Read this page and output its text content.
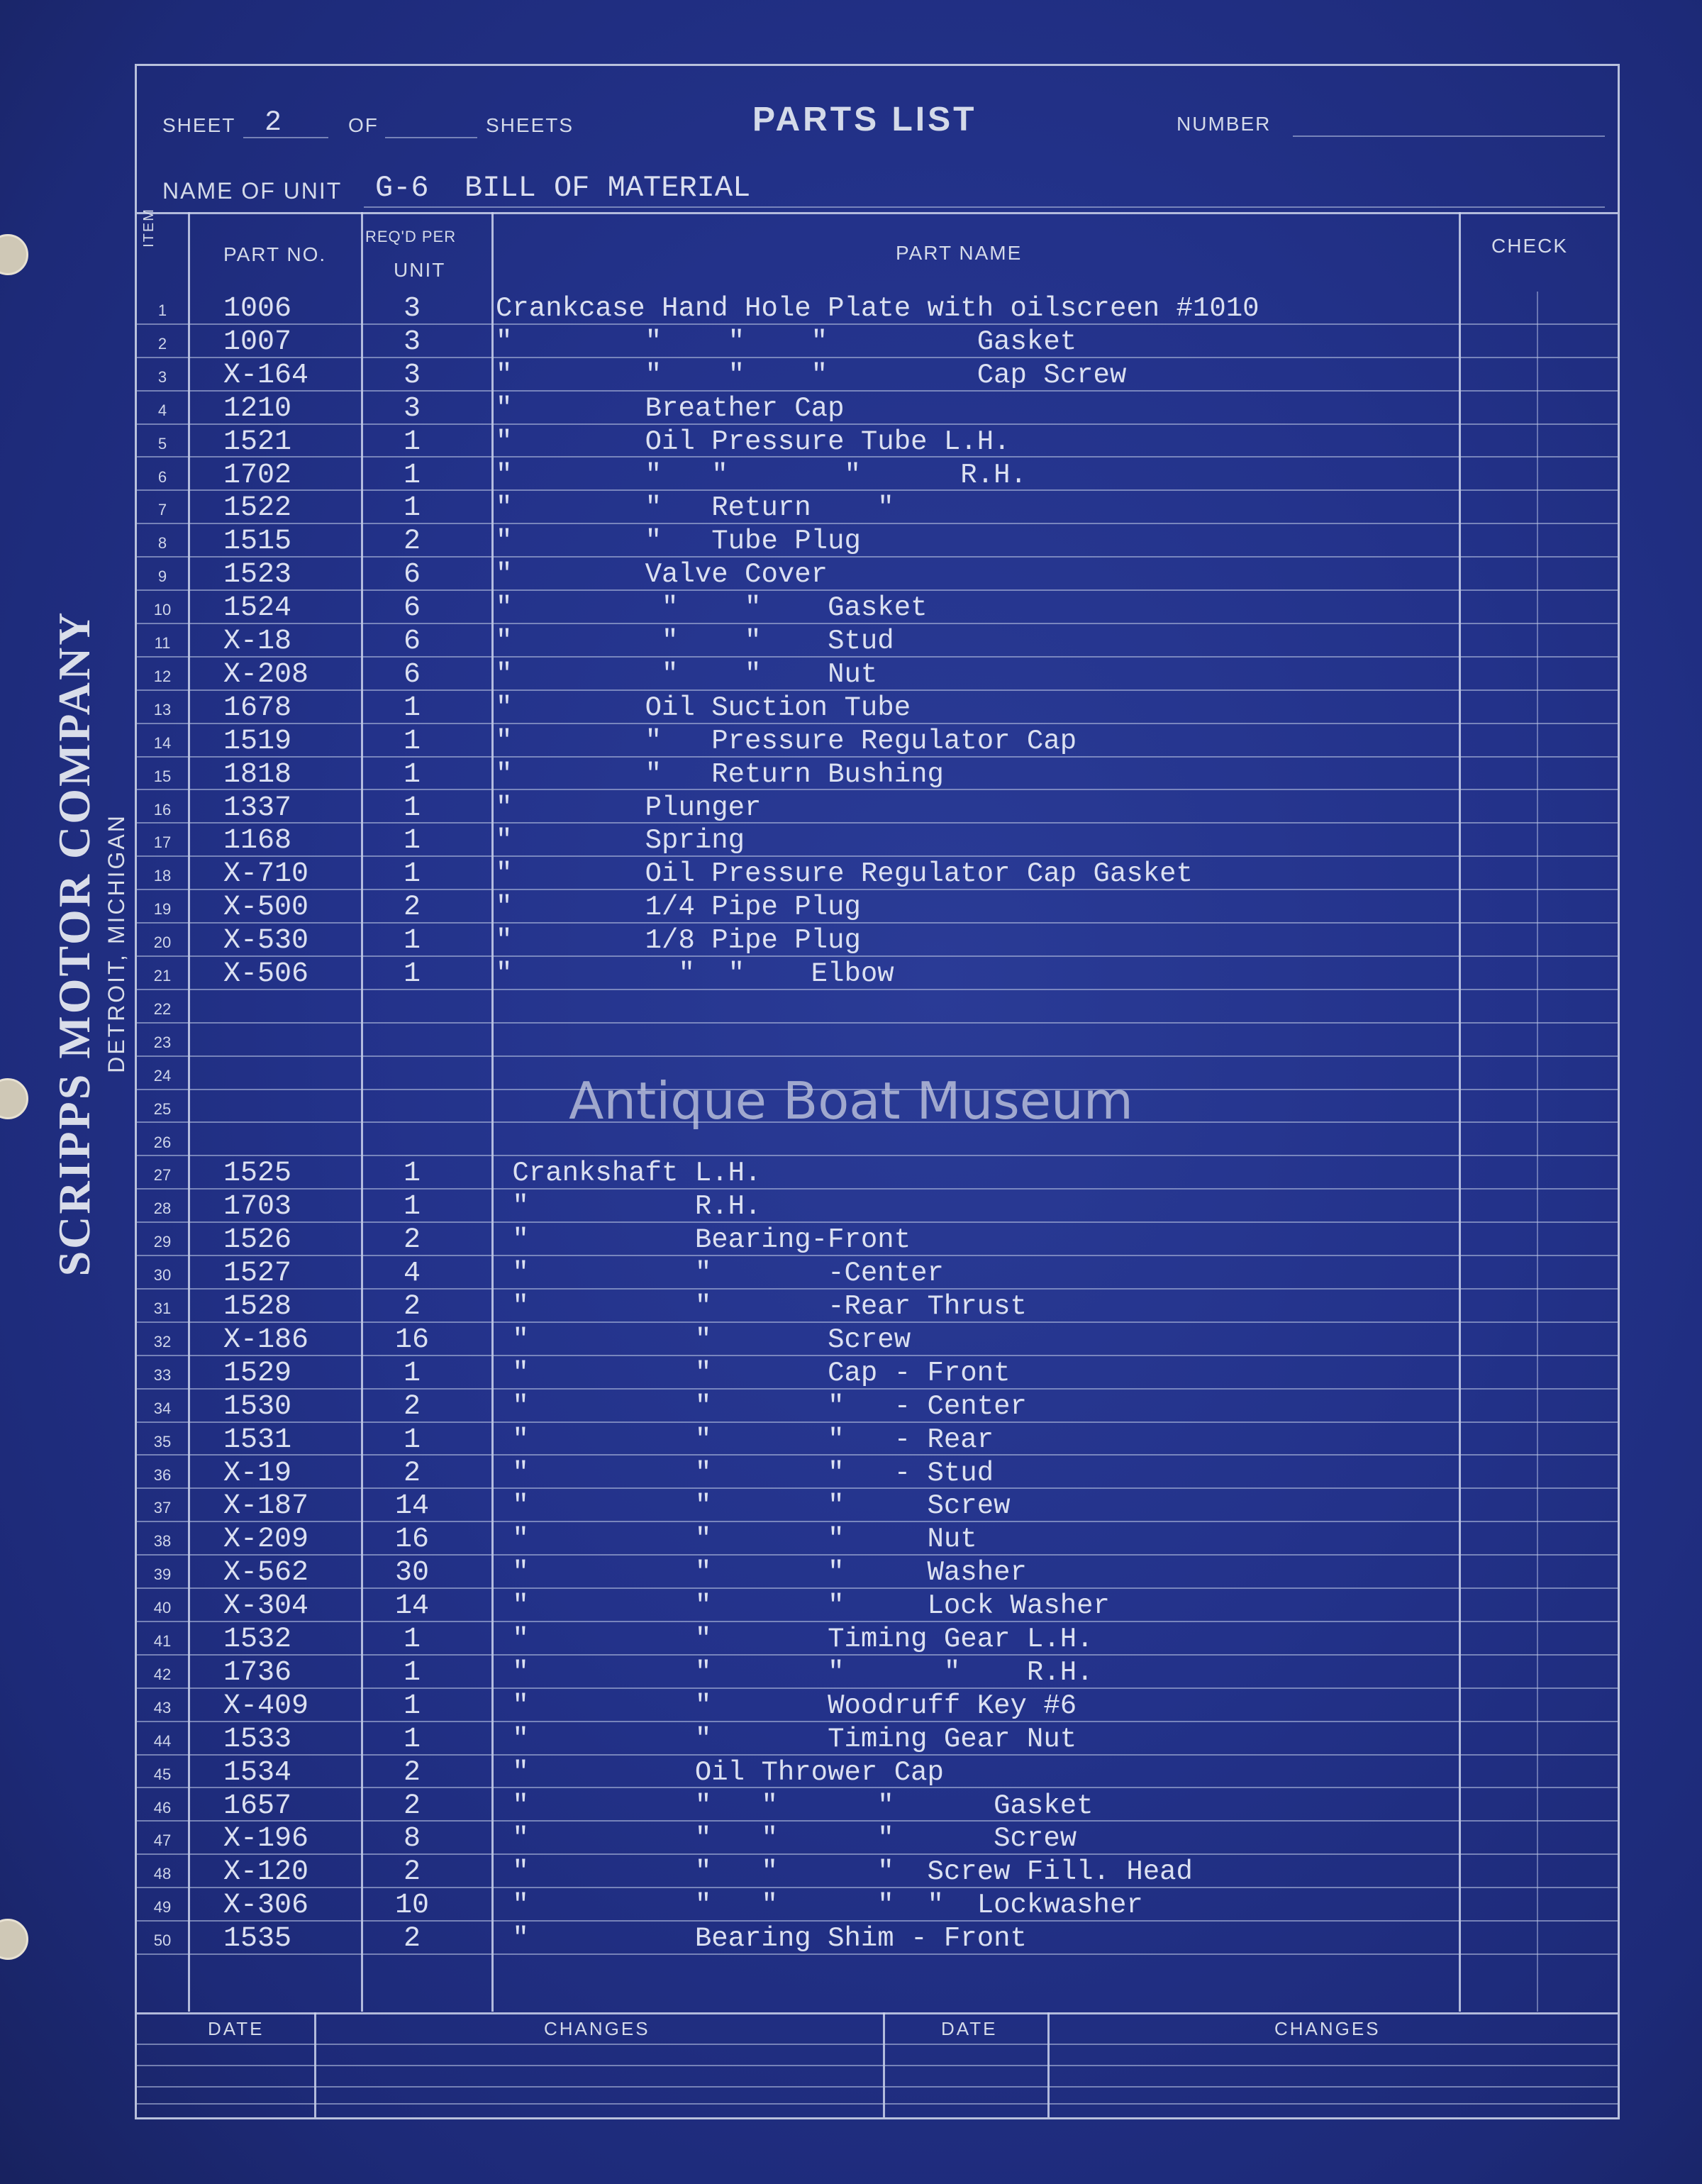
SCRIPPS MOTOR COMPANY DETROIT, MICHIGAN
SHEET 2	OF	SHEETS	PARTS LIST	NUMBER
NAME OF UNIT G-6  BILL OF MATERIAL
ITEM
PART NO.
REQ'D PER
UNIT
PART NAME	CHECK
1	1006	3	Crankcase Hand Hole Plate with oilscreen #1010
2	1007	3	"        "    "    "         Gasket
3	X-164	3	"        "    "    "         Cap Screw
4	1210	3	"        Breather Cap
5	1521	1	"        Oil Pressure Tube L.H.
6	1702	1	"        "   "       "      R.H.
7	1522	1	"        "   Return    "
8	1515	2	"        "   Tube Plug
9	1523	6	"        Valve Cover
10	1524	6	"         "    "    Gasket
11	X-18	6	"         "    "    Stud
12	X-208	6	"         "    "    Nut
13	1678	1	"        Oil Suction Tube
14	1519	1	"        "   Pressure Regulator Cap
15	1818	1	"        "   Return Bushing
16	1337	1	"        Plunger
17	1168	1	"        Spring
18	X-710	1	"        Oil Pressure Regulator Cap Gasket
19	X-500	2	"        1/4 Pipe Plug
20	X-530	1	"        1/8 Pipe Plug
21	X-506	1	"          "  "    Elbow
22
23
24
25
26
27	1525	1	Crankshaft L.H.
28	1703	1	"          R.H.
29	1526	2	"          Bearing-Front
30	1527	4	"          "       -Center
31	1528	2	"          "       -Rear Thrust
32	X-186	16	"          "       Screw
33	1529	1	"          "       Cap - Front
34	1530	2	"          "       "   - Center
35	1531	1	"          "       "   - Rear
36	X-19	2	"          "       "   - Stud
37	X-187	14	"          "       "     Screw
38	X-209	16	"          "       "     Nut
39	X-562	30	"          "       "     Washer
40	X-304	14	"          "       "     Lock Washer
41	1532	1	"          "       Timing Gear L.H.
42	1736	1	"          "       "      "    R.H.
43	X-409	1	"          "       Woodruff Key #6
44	1533	1	"          "       Timing Gear Nut
45	1534	2	"          Oil Thrower Cap
46	1657	2	"          "   "      "      Gasket
47	X-196	8	"          "   "      "      Screw
48	X-120	2	"          "   "      "  Screw Fill. Head
49	X-306	10	"          "   "      "  "  Lockwasher
50	1535	2	"          Bearing Shim - Front
DATE	CHANGES	DATE	CHANGES
Antique Boat Museum
